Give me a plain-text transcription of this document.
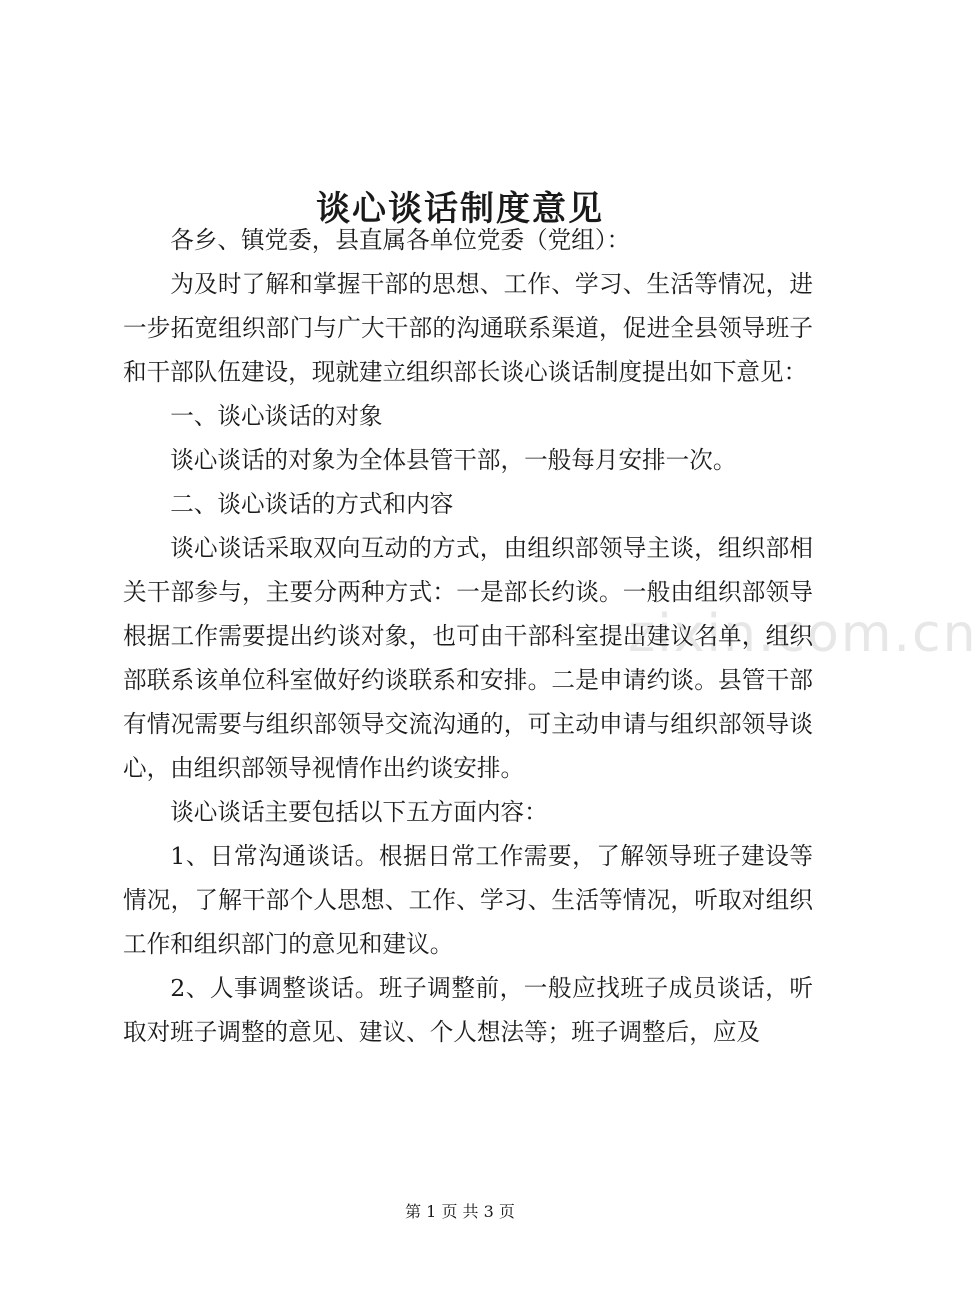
zixin.com.cn
谈心谈话制度意见

各乡、镇党委，县直属各单位党委（党组）：

为及时了解和掌握干部的思想、工作、学习、生活等情况，进一步拓宽组织部门与广大干部的沟通联系渠道，促进全县领导班子和干部队伍建设，现就建立组织部长谈心谈话制度提出如下意见：

一、谈心谈话的对象

谈心谈话的对象为全体县管干部，一般每月安排一次。

二、谈心谈话的方式和内容

谈心谈话采取双向互动的方式，由组织部领导主谈，组织部相关干部参与，主要分两种方式：一是部长约谈。一般由组织部领导根据工作需要提出约谈对象，也可由干部科室提出建议名单，组织部联系该单位科室做好约谈联系和安排。二是申请约谈。县管干部有情况需要与组织部领导交流沟通的，可主动申请与组织部领导谈心，由组织部领导视情作出约谈安排。

谈心谈话主要包括以下五方面内容：

1、日常沟通谈话。根据日常工作需要，了解领导班子建设等情况，了解干部个人思想、工作、学习、生活等情况，听取对组织工作和组织部门的意见和建议。

2、人事调整谈话。班子调整前，一般应找班子成员谈话，听取对班子调整的意见、建议、个人想法等；班子调整后，应及

第 1 页 共 3 页
